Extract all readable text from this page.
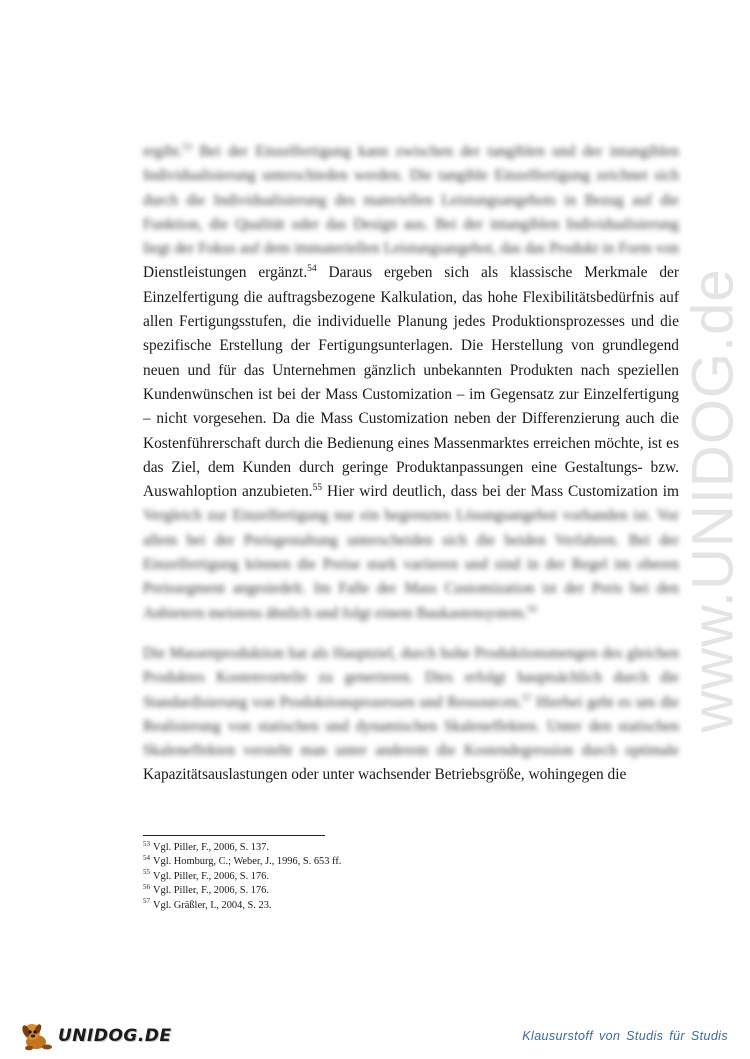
www.UNIDOG.de

ergibt.$^{53}$ Bei der Einzelfertigung kann zwischen der tangiblen und der intangiblen Individualisierung unterschieden werden. Die tangible Einzelfertigung zeichnet sich durch die Individualisierung des materiellen Leistungsangebots in Bezug auf die Funktion, die Qualität oder das Design aus. Bei der intangiblen Individualisierung liegt der Fokus auf dem immateriellen Leistungsangebot, das das Produkt in Form von Dienstleistungen ergänzt.$^{54}$ Daraus ergeben sich als klassische Merkmale der Einzelfertigung die auftragsbezogene Kalkulation, das hohe Flexibilitätsbedürfnis auf allen Fertigungsstufen, die individuelle Planung jedes Produktionsprozesses und die spezifische Erstellung der Fertigungsunterlagen. Die Herstellung von grundlegend neuen und für das Unternehmen gänzlich unbekannten Produkten nach speziellen Kundenwünschen ist bei der Mass Customization – im Gegensatz zur Einzelfertigung – nicht vorgesehen. Da die Mass Customization neben der Differenzierung auch die Kostenführerschaft durch die Bedienung eines Massenmarktes erreichen möchte, ist es das Ziel, dem Kunden durch geringe Produktanpassungen eine Gestaltungs- bzw. Auswahloption anzubieten.$^{55}$ Hier wird deutlich, dass bei der Mass Customization im Vergleich zur Einzelfertigung nur ein begrenztes Lösungsangebot vorhanden ist. Vor allem bei der Preisgestaltung unterscheiden sich die beiden Verfahren. Bei der Einzelfertigung können die Preise stark variieren und sind in der Regel im oberen Preissegment angesiedelt. Im Falle der Mass Customization ist der Preis bei den Anbietern meistens ähnlich und folgt einem Baukastensystem.$^{56}$

Die Massenproduktion hat als Hauptziel, durch hohe Produktionsmengen des gleichen Produktes Kostenvorteile zu generieren. Dies erfolgt hauptsächlich durch die Standardisierung von Produktionsprozessen und Ressourcen.$^{57}$ Hierbei geht es um die Realisierung von statischen und dynamischen Skaleneffekten. Unter den statischen Skaleneffekten versteht man unter anderem die Kostendegression durch optimale Kapazitätsauslastungen oder unter wachsender Betriebsgröße, wohingegen die

$^{53}$ Vgl. Piller, F., 2006, S. 137.
$^{54}$ Vgl. Homburg, C.; Weber, J., 1996, S. 653 ff.
$^{55}$ Vgl. Piller, F., 2006, S. 176.
$^{56}$ Vgl. Piller, F., 2006, S. 176.
$^{57}$ Vgl. Gräßler, I., 2004, S. 23.
UNIDOG.DE	Klausurstoff von Studis für Studis
